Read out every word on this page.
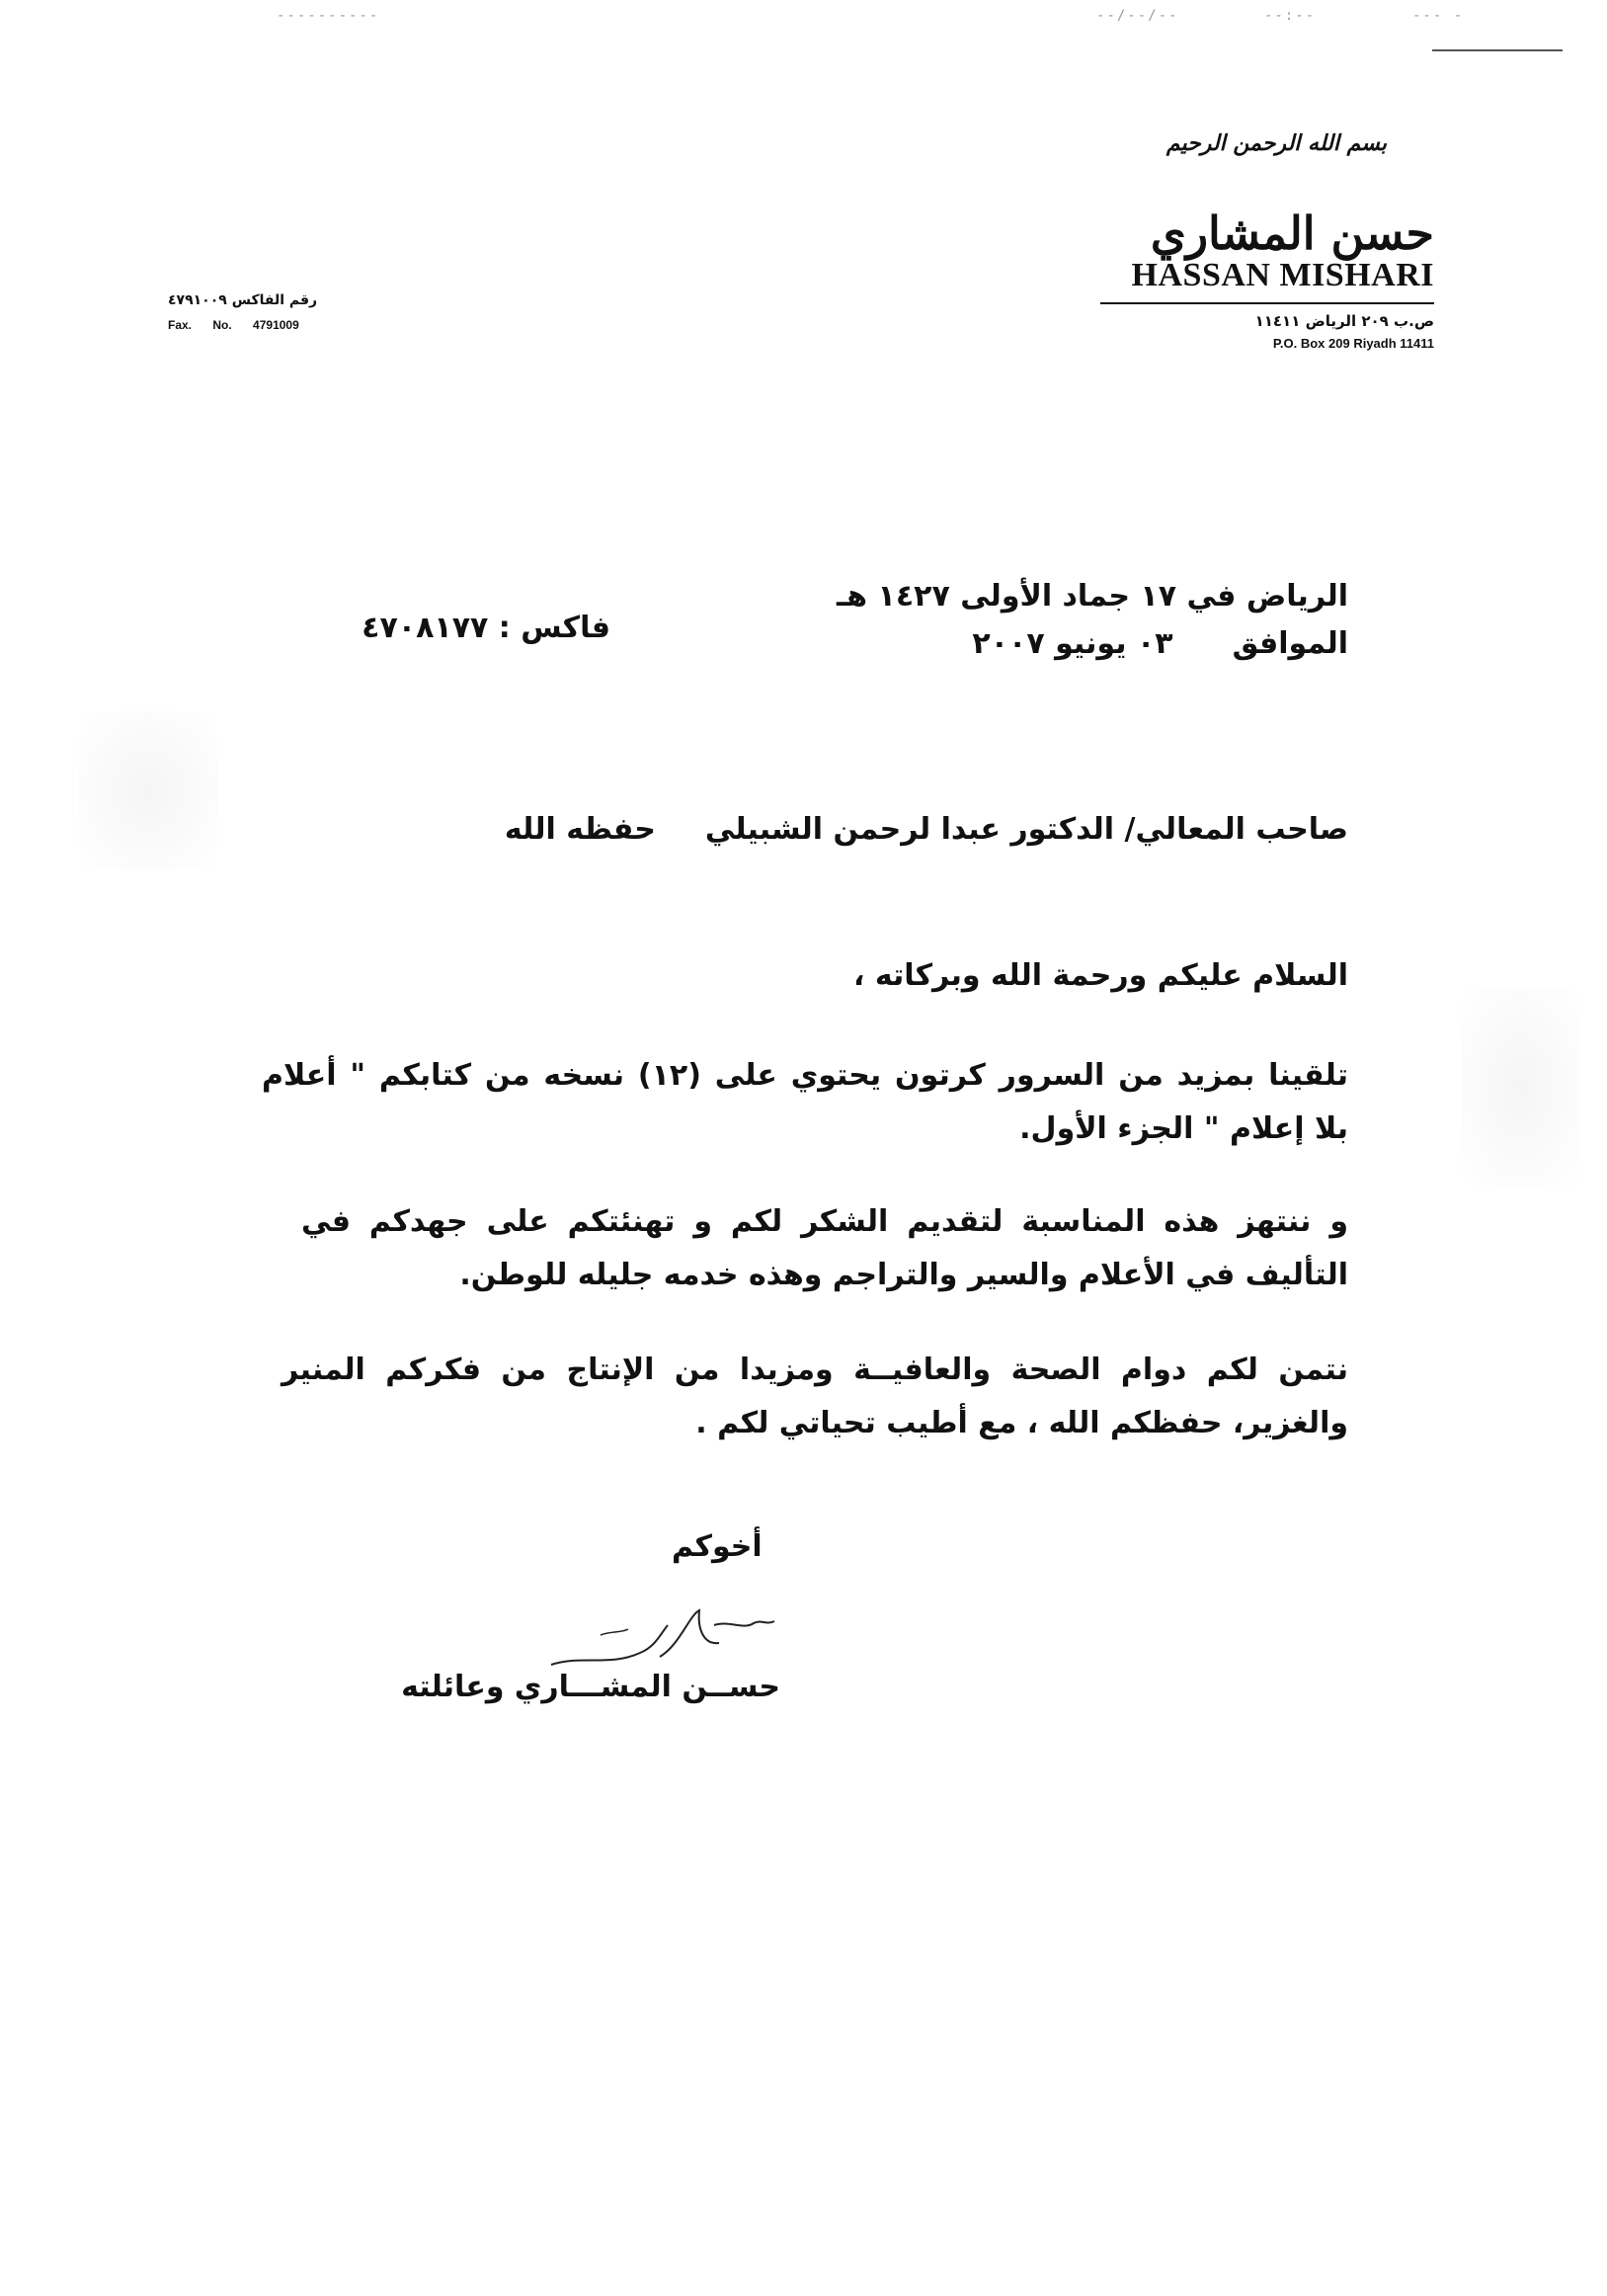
----------	--/--/--	--:--	--- -
بسم الله الرحمن الرحيم
حسن المشاري
HASSAN MISHARI
ص.ب ٢٠٩ الرياض ١١٤١١
P.O. Box 209 Riyadh 11411
رقم الفاكس ٤٧٩١٠٠٩
Fax. No. 4791009
الرياض في ١٧ جماد الأولى ١٤٢٧ هـ
الموافق٠٣ يونيو ٢٠٠٧
فاكس : ٤٧٠٨١٧٧
صاحب المعالي/ الدكتور عبدا لرحمن الشبيليحفظه الله
السلام عليكم ورحمة الله وبركاته ،
تلقينا بمزيد من السرور كرتون يحتوي على (١٢) نسخه من كتابكم " أعلام بلا إعلام " الجزء الأول.
و ننتهز هذه المناسبة لتقديم الشكر لكم و تهنئتكم على جهدكم في التأليف في الأعلام والسير والتراجم وهذه خدمه جليله للوطن.
نتمن لكم دوام الصحة والعافيــة ومزيدا من الإنتاج من فكركم المنير والغزير، حفظكم الله ، مع أطيب تحياتي لكم .
أخوكم
حســن المشـــاري وعائلته
